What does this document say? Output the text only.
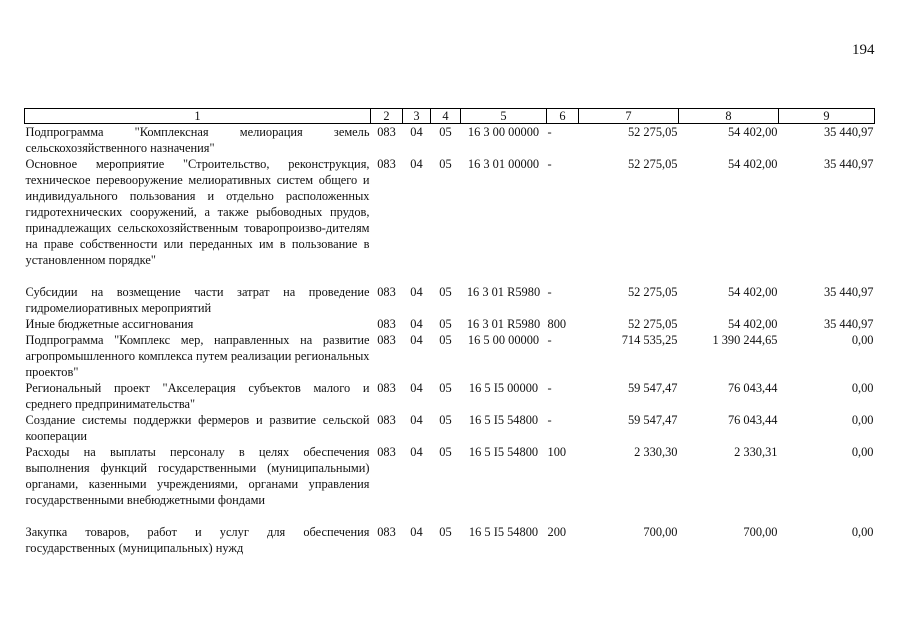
194
1	2	3	4	5	6	7	8	9
Подпрограмма "Комплексная мелиорация земель сельскохозяйственного назначения"	083	04	05	16 3 00 00000	-	52 275,05	54 402,00	35 440,97
Основное мероприятие "Строительство, реконструкция, техническое перевооружение мелиоративных систем общего и индивидуального пользования и отдельно расположенных гидротехнических сооружений, а также рыбоводных прудов, принадлежащих сельскохозяйственным товаропроизво-дителям на праве собственности или переданных им в пользование в установленном порядке"	083	04	05	16 3 01 00000	-	52 275,05	54 402,00	35 440,97

Субсидии на возмещение части затрат на проведение гидромелиоративных мероприятий	083	04	05	16 3 01 R5980	-	52 275,05	54 402,00	35 440,97
Иные бюджетные ассигнования	083	04	05	16 3 01 R5980	800	52 275,05	54 402,00	35 440,97
Подпрограмма "Комплекс мер, направленных на развитие агропромышленного комплекса путем реализации региональных проектов"	083	04	05	16 5 00 00000	-	714 535,25	1 390 244,65	0,00
Региональный проект "Акселерация субъектов малого и среднего предпринимательства"	083	04	05	16 5 I5 00000	-	59 547,47	76 043,44	0,00
Создание системы поддержки фермеров и развитие сельской кооперации	083	04	05	16 5 I5 54800	-	59 547,47	76 043,44	0,00
Расходы на выплаты персоналу в целях обеспечения выполнения функций государственными (муниципальными) органами, казенными учреждениями, органами управления государственными внебюджетными фондами	083	04	05	16 5 I5 54800	100	2 330,30	2 330,31	0,00

Закупка товаров, работ и услуг для обеспечения государственных (муниципальных) нужд	083	04	05	16 5 I5 54800	200	700,00	700,00	0,00
